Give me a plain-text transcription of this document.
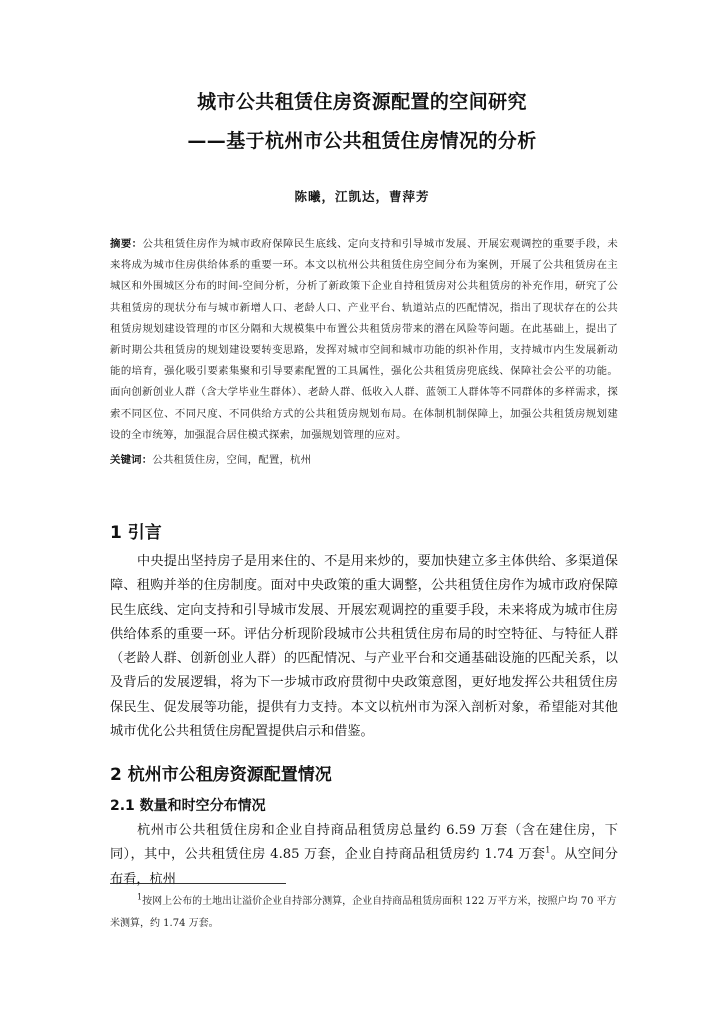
城市公共租赁住房资源配置的空间研究
——基于杭州市公共租赁住房情况的分析
陈曦，江凯达，曹萍芳
摘要：公共租赁住房作为城市政府保障民生底线、定向支持和引导城市发展、开展宏观调控的重要手段，未来将成为城市住房供给体系的重要一环。本文以杭州公共租赁住房空间分布为案例，开展了公共租赁房在主城区和外围城区分布的时间-空间分析，分析了新政策下企业自持租赁房对公共租赁房的补充作用，研究了公共租赁房的现状分布与城市新增人口、老龄人口、产业平台、轨道站点的匹配情况，指出了现状存在的公共租赁房规划建设管理的市区分隔和大规模集中布置公共租赁房带来的潜在风险等问题。在此基础上，提出了新时期公共租赁房的规划建设要转变思路，发挥对城市空间和城市功能的织补作用，支持城市内生发展新动能的培育，强化吸引要素集聚和引导要素配置的工具属性，强化公共租赁房兜底线、保障社会公平的功能。面向创新创业人群（含大学毕业生群体）、老龄人群、低收入人群、蓝领工人群体等不同群体的多样需求，探索不同区位、不同尺度、不同供给方式的公共租赁房规划布局。在体制机制保障上，加强公共租赁房规划建设的全市统筹，加强混合居住模式探索，加强规划管理的应对。
关键词：公共租赁住房，空间，配置，杭州
1 引言
中央提出坚持房子是用来住的、不是用来炒的，要加快建立多主体供给、多渠道保障、租购并举的住房制度。面对中央政策的重大调整，公共租赁住房作为城市政府保障民生底线、定向支持和引导城市发展、开展宏观调控的重要手段，未来将成为城市住房供给体系的重要一环。评估分析现阶段城市公共租赁住房布局的时空特征、与特征人群（老龄人群、创新创业人群）的匹配情况、与产业平台和交通基础设施的匹配关系，以及背后的发展逻辑，将为下一步城市政府贯彻中央政策意图，更好地发挥公共租赁住房保民生、促发展等功能，提供有力支持。本文以杭州市为深入剖析对象，希望能对其他城市优化公共租赁住房配置提供启示和借鉴。
2 杭州市公租房资源配置情况
2.1 数量和时空分布情况
杭州市公共租赁住房和企业自持商品租赁房总量约 6.59 万套（含在建住房，下同），其中，公共租赁住房 4.85 万套，企业自持商品租赁房约 1.74 万套$^1$。从空间分布看，杭州
$^1$按网上公布的土地出让溢价企业自持部分测算，企业自持商品租赁房面积 122 万平方米，按照户均 70 平方米测算，约 1.74 万套。
